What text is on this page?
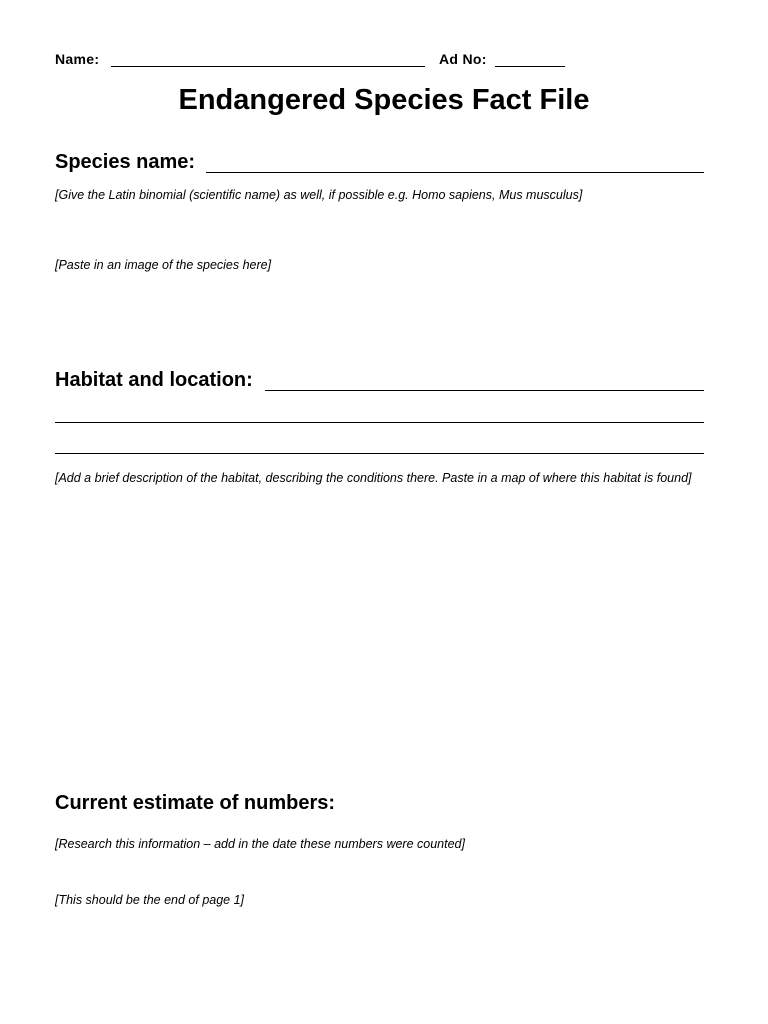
Name:	Ad No:
Endangered Species Fact File
Species name:
[Give the Latin binomial (scientific name) as well, if possible e.g. Homo sapiens, Mus musculus]
[Paste in an image of the species here]
Habitat and location:
[Add a brief description of the habitat, describing the conditions there. Paste in a map of where this habitat is found]
Current estimate of numbers:
[Research this information – add in the date these numbers were counted]
[This should be the end of page 1]
